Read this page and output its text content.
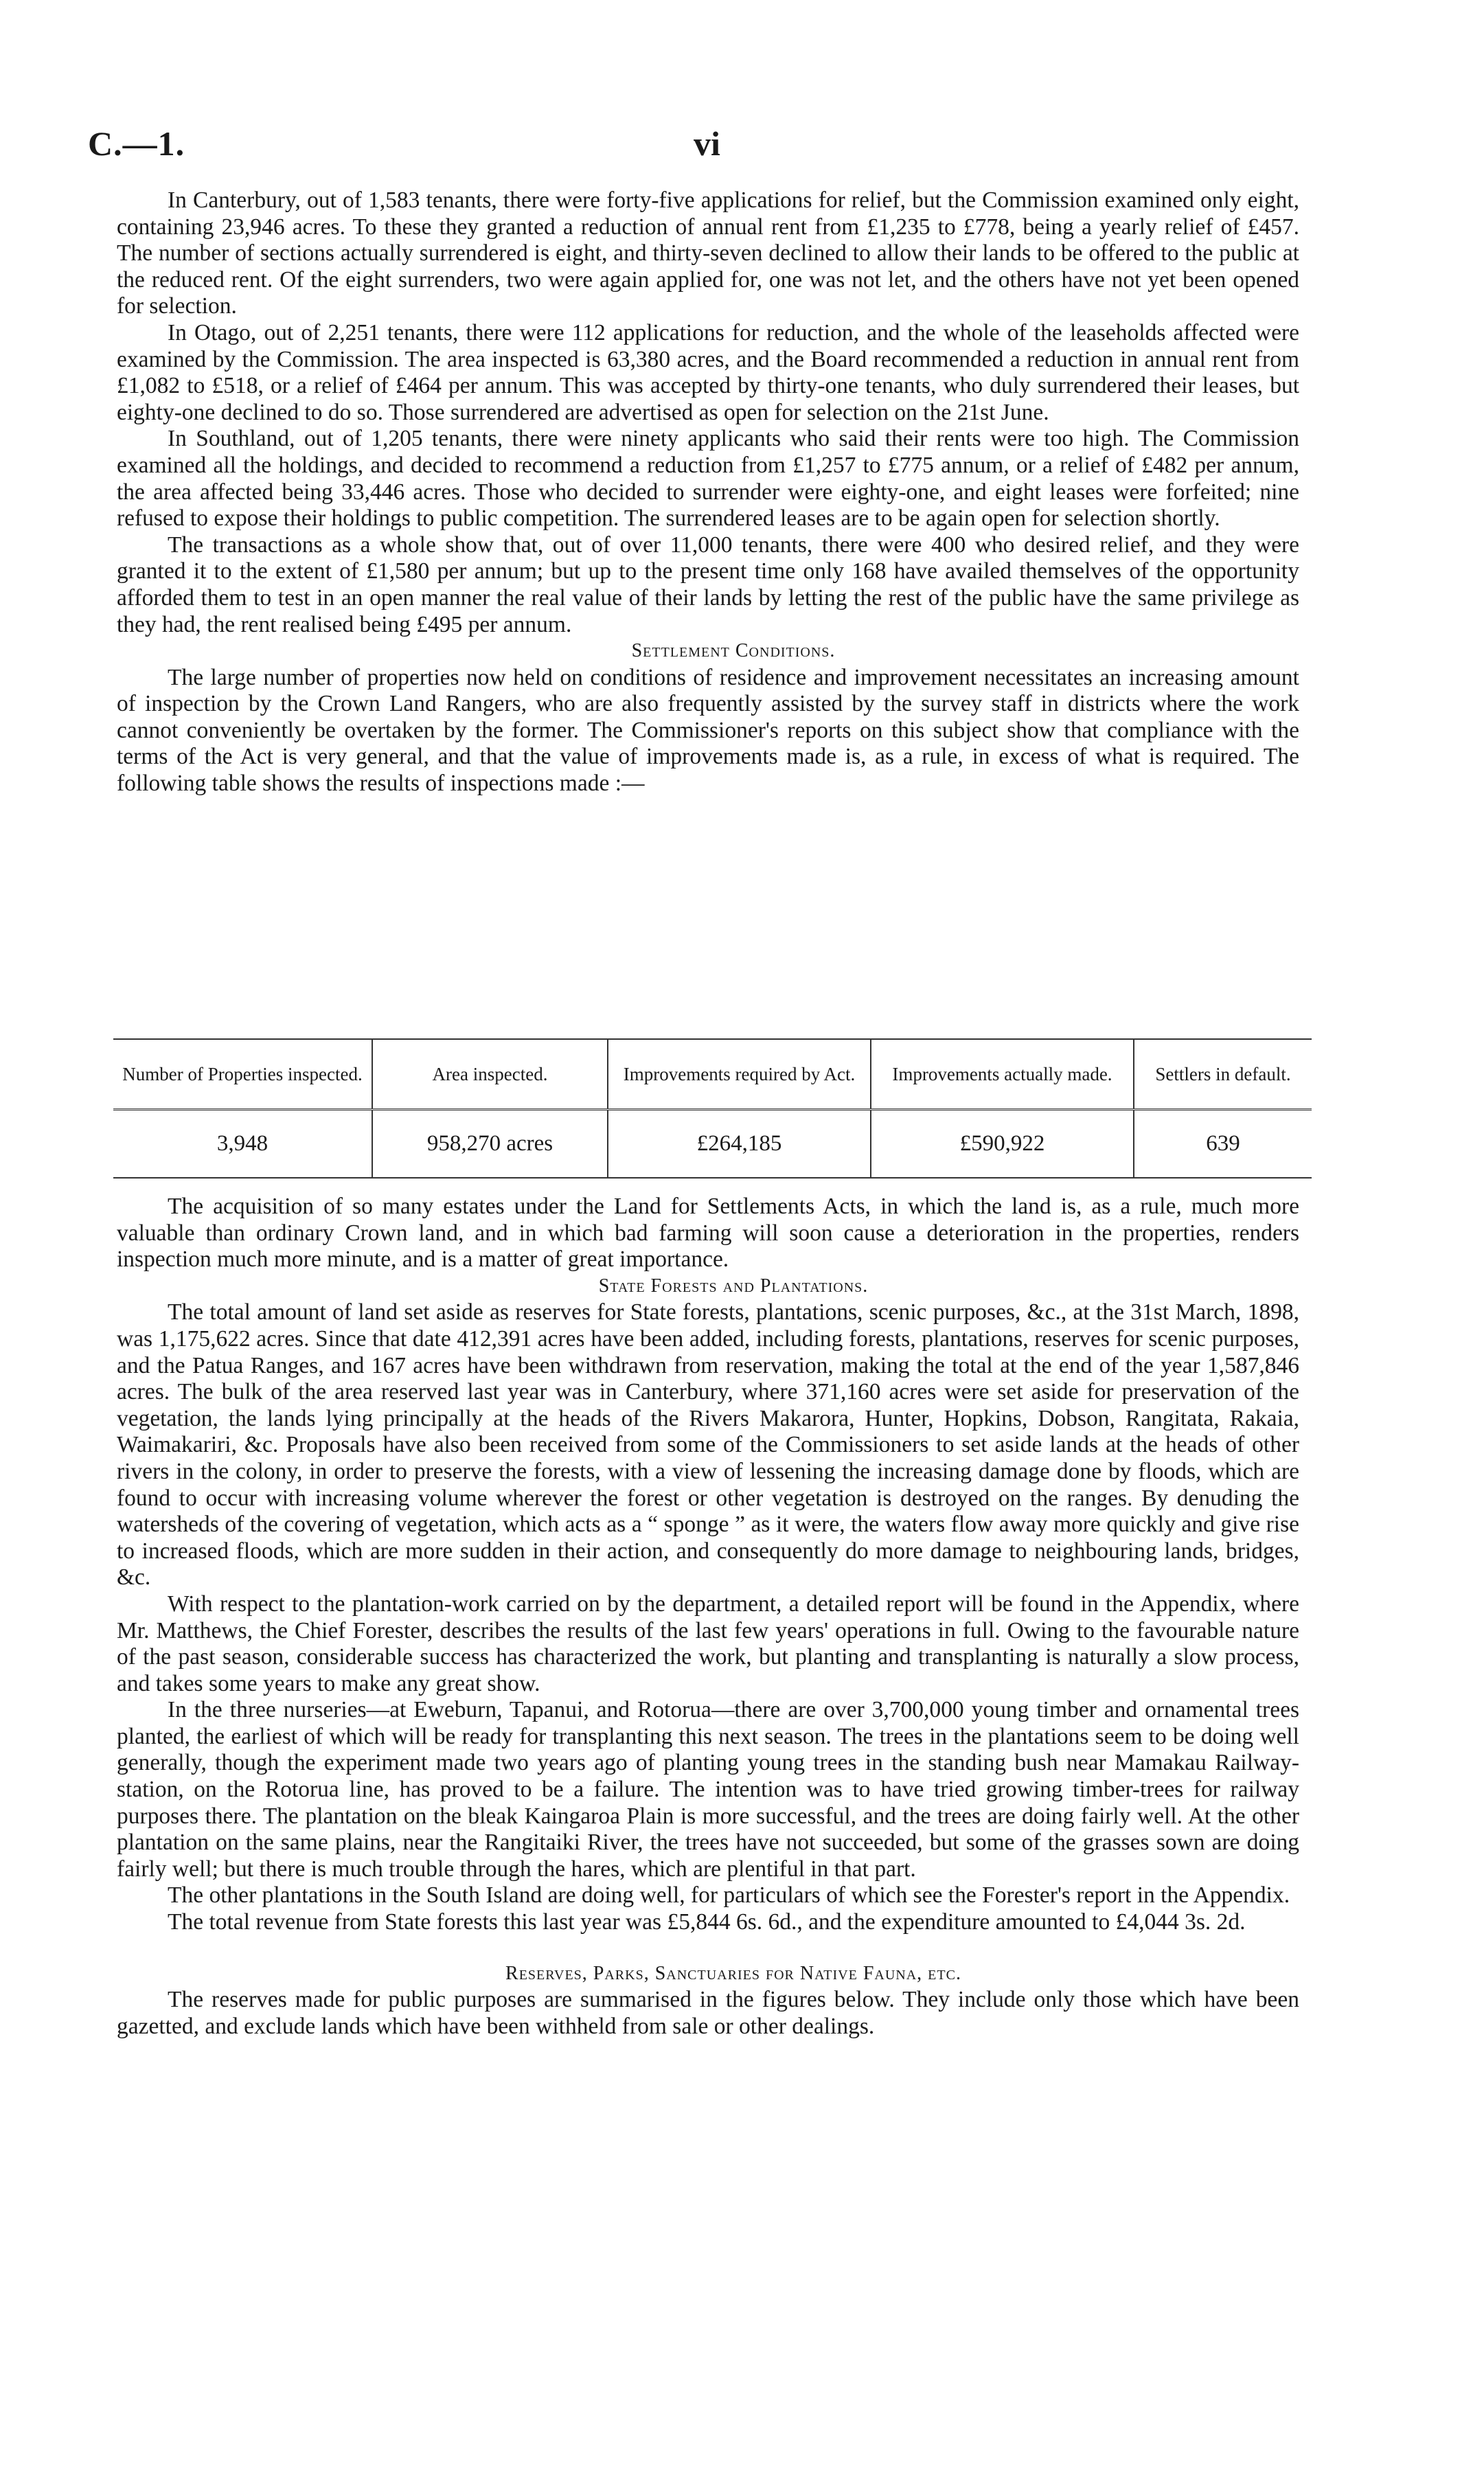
C.—1.	vi

In Canterbury, out of 1,583 tenants, there were forty-five applications for relief, but the Commission examined only eight, containing 23,946 acres. To these they granted a reduction of annual rent from £1,235 to £778, being a yearly relief of £457. The number of sections actually surrendered is eight, and thirty-seven declined to allow their lands to be offered to the public at the reduced rent. Of the eight surrenders, two were again applied for, one was not let, and the others have not yet been opened for selection.

In Otago, out of 2,251 tenants, there were 112 applications for reduction, and the whole of the leaseholds affected were examined by the Commission. The area inspected is 63,380 acres, and the Board recommended a reduction in annual rent from £1,082 to £518, or a relief of £464 per annum. This was accepted by thirty-one tenants, who duly surrendered their leases, but eighty-one declined to do so. Those surrendered are advertised as open for selection on the 21st June.

In Southland, out of 1,205 tenants, there were ninety applicants who said their rents were too high. The Commission examined all the holdings, and decided to recommend a reduction from £1,257 to £775 annum, or a relief of £482 per annum, the area affected being 33,446 acres. Those who decided to surrender were eighty-one, and eight leases were forfeited; nine refused to expose their holdings to public competition. The surrendered leases are to be again open for selection shortly.

The transactions as a whole show that, out of over 11,000 tenants, there were 400 who desired relief, and they were granted it to the extent of £1,580 per annum; but up to the present time only 168 have availed themselves of the opportunity afforded them to test in an open manner the real value of their lands by letting the rest of the public have the same privilege as they had, the rent realised being £495 per annum.

Settlement Conditions.

The large number of properties now held on conditions of residence and improvement necessitates an increasing amount of inspection by the Crown Land Rangers, who are also frequently assisted by the survey staff in districts where the work cannot conveniently be overtaken by the former. The Commissioner's reports on this subject show that compliance with the terms of the Act is very general, and that the value of improvements made is, as a rule, in excess of what is required. The following table shows the results of inspections made :—

Number of Properties inspected.	Area inspected.	Improvements required by Act.	Improvements actually made.	Settlers in default.
3,948	958,270 acres	£264,185	£590,922	639

The acquisition of so many estates under the Land for Settlements Acts, in which the land is, as a rule, much more valuable than ordinary Crown land, and in which bad farming will soon cause a deterioration in the properties, renders inspection much more minute, and is a matter of great importance.

State Forests and Plantations.

The total amount of land set aside as reserves for State forests, plantations, scenic purposes, &c., at the 31st March, 1898, was 1,175,622 acres. Since that date 412,391 acres have been added, including forests, plantations, reserves for scenic purposes, and the Patua Ranges, and 167 acres have been withdrawn from reservation, making the total at the end of the year 1,587,846 acres. The bulk of the area reserved last year was in Canterbury, where 371,160 acres were set aside for preservation of the vegetation, the lands lying principally at the heads of the Rivers Makarora, Hunter, Hopkins, Dobson, Rangitata, Rakaia, Waimakariri, &c. Proposals have also been received from some of the Commissioners to set aside lands at the heads of other rivers in the colony, in order to preserve the forests, with a view of lessening the increasing damage done by floods, which are found to occur with increasing volume wherever the forest or other vegetation is destroyed on the ranges. By denuding the watersheds of the covering of vegetation, which acts as a “ sponge ” as it were, the waters flow away more quickly and give rise to increased floods, which are more sudden in their action, and consequently do more damage to neighbouring lands, bridges, &c.

With respect to the plantation-work carried on by the department, a detailed report will be found in the Appendix, where Mr. Matthews, the Chief Forester, describes the results of the last few years' operations in full. Owing to the favourable nature of the past season, considerable success has characterized the work, but planting and transplanting is naturally a slow process, and takes some years to make any great show.

In the three nurseries—at Eweburn, Tapanui, and Rotorua—there are over 3,700,000 young timber and ornamental trees planted, the earliest of which will be ready for transplanting this next season. The trees in the plantations seem to be doing well generally, though the experiment made two years ago of planting young trees in the standing bush near Mamakau Railway-station, on the Rotorua line, has proved to be a failure. The intention was to have tried growing timber-trees for railway purposes there. The plantation on the bleak Kaingaroa Plain is more successful, and the trees are doing fairly well. At the other plantation on the same plains, near the Rangitaiki River, the trees have not succeeded, but some of the grasses sown are doing fairly well; but there is much trouble through the hares, which are plentiful in that part.

The other plantations in the South Island are doing well, for particulars of which see the Forester's report in the Appendix.

The total revenue from State forests this last year was £5,844 6s. 6d., and the expenditure amounted to £4,044 3s. 2d.

Reserves, Parks, Sanctuaries for Native Fauna, etc.

The reserves made for public purposes are summarised in the figures below. They include only those which have been gazetted, and exclude lands which have been withheld from sale or other dealings.
